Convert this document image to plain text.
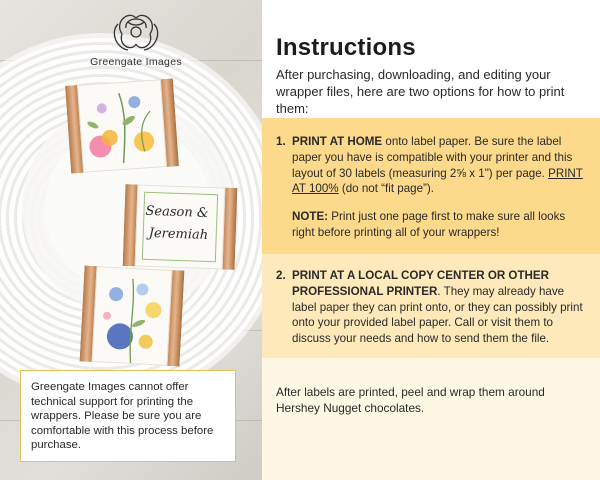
Greengate Images
Season &
Jeremiah

Greengate Images cannot offer technical support for printing the wrappers. Please be sure you are comfortable with this process before purchase.

Instructions

After purchasing, downloading, and editing your wrapper files, here are two options for how to print them:

1. PRINT AT HOME onto label paper. Be sure the label paper you have is compatible with your printer and this layout of 30 labels (measuring 2⅝ x 1") per page. PRINT AT 100% (do not “fit page”).
NOTE: Print just one page first to make sure all looks right before printing all of your wrappers!
2. PRINT AT A LOCAL COPY CENTER OR OTHER PROFESSIONAL PRINTER. They may already have label paper they can print onto, or they can possibly print onto your provided label paper. Call or visit them to discuss your needs and how to send them the file.

After labels are printed, peel and wrap them around Hershey Nugget chocolates.
